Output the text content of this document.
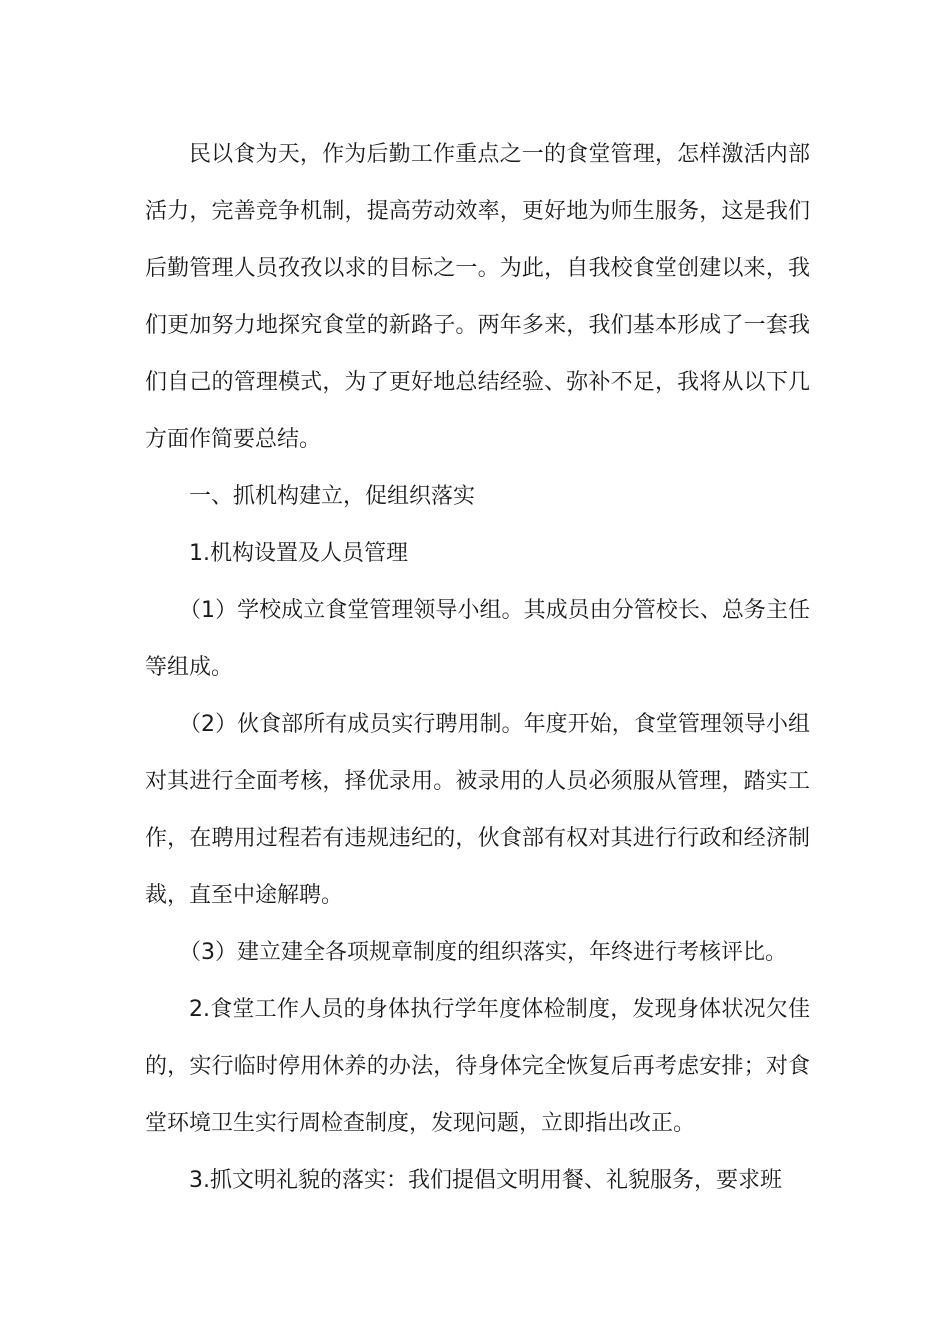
民以食为天，作为后勤工作重点之一的食堂管理，怎样激活内部活力，完善竞争机制，提高劳动效率，更好地为师生服务，这是我们后勤管理人员孜孜以求的目标之一。为此，自我校食堂创建以来，我们更加努力地探究食堂的新路子。两年多来，我们基本形成了一套我们自己的管理模式，为了更好地总结经验、弥补不足，我将从以下几方面作简要总结。

一、抓机构建立，促组织落实

1.机构设置及人员管理

（1）学校成立食堂管理领导小组。其成员由分管校长、总务主任等组成。

（2）伙食部所有成员实行聘用制。年度开始，食堂管理领导小组对其进行全面考核，择优录用。被录用的人员必须服从管理，踏实工作，在聘用过程若有违规违纪的，伙食部有权对其进行行政和经济制裁，直至中途解聘。

（3）建立建全各项规章制度的组织落实，年终进行考核评比。

2.食堂工作人员的身体执行学年度体检制度，发现身体状况欠佳的，实行临时停用休养的办法，待身体完全恢复后再考虑安排；对食堂环境卫生实行周检查制度，发现问题，立即指出改正。

3.抓文明礼貌的落实：我们提倡文明用餐、礼貌服务，要求班
